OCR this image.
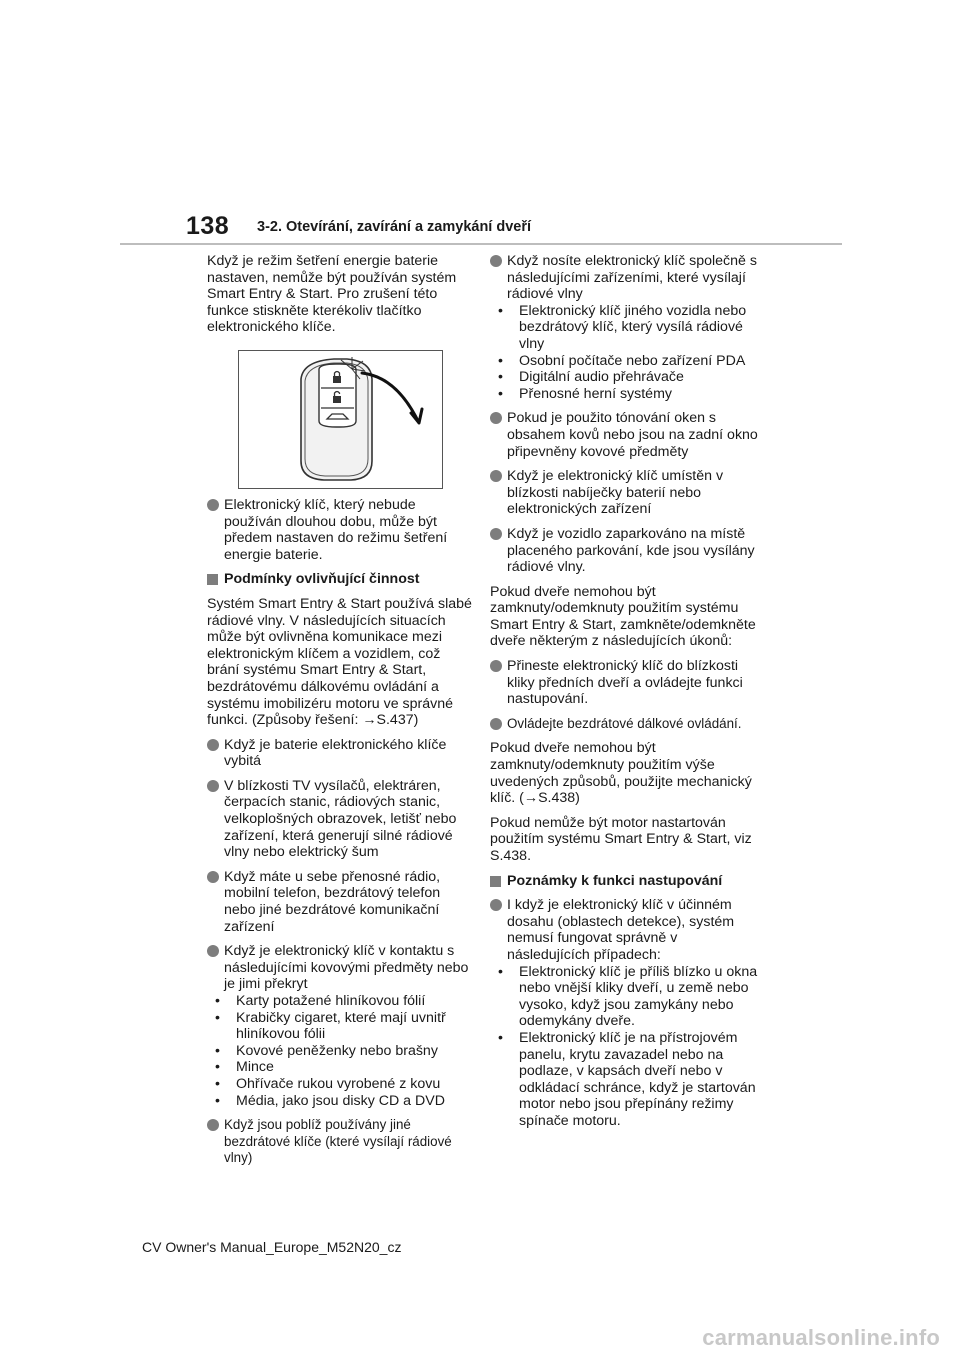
138 3-2. Otevírání, zavírání a zamykání dveří

Když je režim šetření energie baterie nastaven, nemůže být používán systém Smart Entry & Start. Pro zrušení této funkce stiskněte kterékoliv tlačítko elektronického klíče.

Elektronický klíč, který nebude používán dlouhou dobu, může být předem nastaven do režimu šetření energie baterie.
Podmínky ovlivňující činnost

Systém Smart Entry & Start používá slabé rádiové vlny. V následujících situacích může být ovlivněna komunikace mezi elektronickým klíčem a vozidlem, což brání systému Smart Entry & Start, bezdrátovému dálkovému ovládání a systému imobilizéru motoru ve správné funkci. (Způsoby řešení: →S.437)

Když je baterie elektronického klíče vybitá
V blízkosti TV vysílačů, elektráren, čerpacích stanic, rádiových stanic, velkoplošných obrazovek, letišť nebo zařízení, která generují silné rádiové vlny nebo elektrický šum
Když máte u sebe přenosné rádio, mobilní telefon, bezdrátový telefon nebo jiné bezdrátové komunikační zařízení
Když je elektronický klíč v kontaktu s následujícími kovovými předměty nebo je jimi překryt
• Karty potažené hliníkovou fólií
• Krabičky cigaret, které mají uvnitř hliníkovou fólii
• Kovové peněženky nebo brašny
• Mince
• Ohřívače rukou vyrobené z kovu
• Média, jako jsou disky CD a DVD
Když jsou poblíž používány jiné bezdrátové klíče (které vysílají rádiové vlny)
Když nosíte elektronický klíč společně s následujícími zařízeními, které vysílají rádiové vlny
• Elektronický klíč jiného vozidla nebo bezdrátový klíč, který vysílá rádiové vlny
• Osobní počítače nebo zařízení PDA
• Digitální audio přehrávače
• Přenosné herní systémy
Pokud je použito tónování oken s obsahem kovů nebo jsou na zadní okno připevněny kovové předměty
Když je elektronický klíč umístěn v blízkosti nabíječky baterií nebo elektronických zařízení
Když je vozidlo zaparkováno na místě placeného parkování, kde jsou vysílány rádiové vlny.

Pokud dveře nemohou být zamknuty/odemknuty použitím systému Smart Entry & Start, zamkněte/odemkněte dveře některým z následujících úkonů:

Přineste elektronický klíč do blízkosti kliky předních dveří a ovládejte funkci nastupování.
Ovládejte bezdrátové dálkové ovládání.

Pokud dveře nemohou být zamknuty/odemknuty použitím výše uvedených způsobů, použijte mechanický klíč. (→S.438)

Pokud nemůže být motor nastartován použitím systému Smart Entry & Start, viz S.438.

Poznámky k funkci nastupování
I když je elektronický klíč v účinném dosahu (oblastech detekce), systém nemusí fungovat správně v následujících případech:
• Elektronický klíč je příliš blízko u okna nebo vnější kliky dveří, u země nebo vysoko, když jsou zamykány nebo odemykány dveře.
• Elektronický klíč je na přístrojovém panelu, krytu zavazadel nebo na podlaze, v kapsách dveří nebo v odkládací schránce, když je startován motor nebo jsou přepínány režimy spínače motoru.
CV Owner's Manual_Europe_M52N20_cz
carmanualsonline.info
